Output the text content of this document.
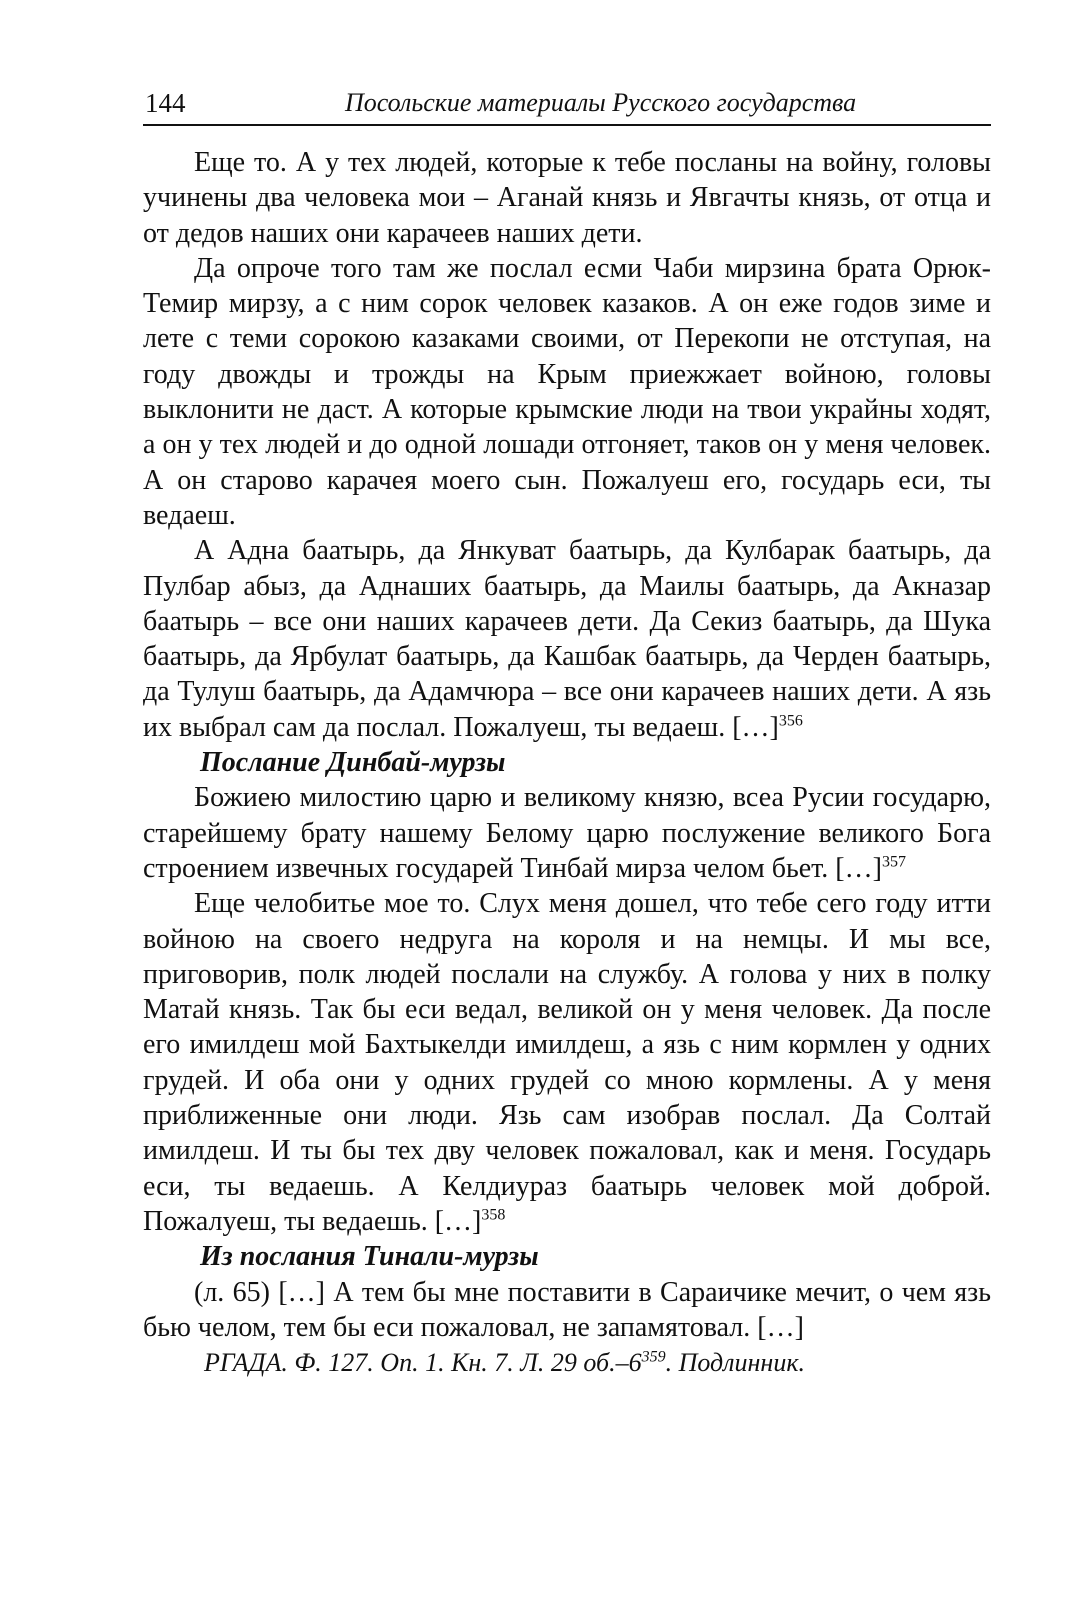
144	Посольские материалы Русского государства

Еще то. А у тех людей, которые к тебе посланы на войну, головы учинены два человека мои – Аганай князь и Явгачты князь, от отца и от дедов наших они карачеев наших дети.

Да опроче того там же послал есми Чаби мирзина брата Орюк-Темир мирзу, а с ним сорок человек казаков. А он еже годов зиме и лете с теми сорокою казаками своими, от Перекопи не отступая, на году двожды и трожды на Крым приежжает войною, головы выклонити не даст. А которые крымские люди на твои украйны ходят, а он у тех людей и до одной лошади отгоняет, таков он у меня человек. А он старово карачея моего сын. Пожалуеш его, государь еси, ты ведаеш.

А Адна баатырь, да Янкуват баатырь, да Кулбарак баатырь, да Пулбар абыз, да Аднаших баатырь, да Маилы баатырь, да Акназар баатырь – все они наших карачеев дети. Да Секиз баатырь, да Шука баатырь, да Ярбулат баатырь, да Кашбак баатырь, да Черден баатырь, да Тулуш баатырь, да Адамчюра – все они карачеев наших дети. А язь их выбрал сам да послал. Пожалуеш, ты ведаеш. […]$^{356}$

Послание Динбай-мурзы

Божиею милостию царю и великому князю, всеа Русии государю, старейшему брату нашему Белому царю послужение великого Бога строением извечных государей Тинбай мирза челом бьет. […]$^{357}$

Еще челобитье мое то. Слух меня дошел, что тебе сего году итти войною на своего недруга на короля и на немцы. И мы все, приговорив, полк людей послали на службу. А голова у них в полку Матай князь. Так бы еси ведал, великой он у меня человек. Да после его имилдеш мой Бахтыкелди имилдеш, а язь с ним кормлен у одних грудей. И оба они у одних грудей со мною кормлены. А у меня приближенные они люди. Язь сам изобрав послал. Да Солтай имилдеш. И ты бы тех дву человек пожаловал, как и меня. Государь еси, ты ведаешь. А Келдиураз баатырь человек мой доброй. Пожалуеш, ты ведаешь. […]$^{358}$

Из послания Тинали-мурзы

(л. 65) […] А тем бы мне поставити в Сараичике мечит, о чем язь бью челом, тем бы еси пожаловал, не запамятовал. […]

РГАДА. Ф. 127. Оп. 1. Кн. 7. Л. 29 $об.-6^{359}$. Подлинник.
